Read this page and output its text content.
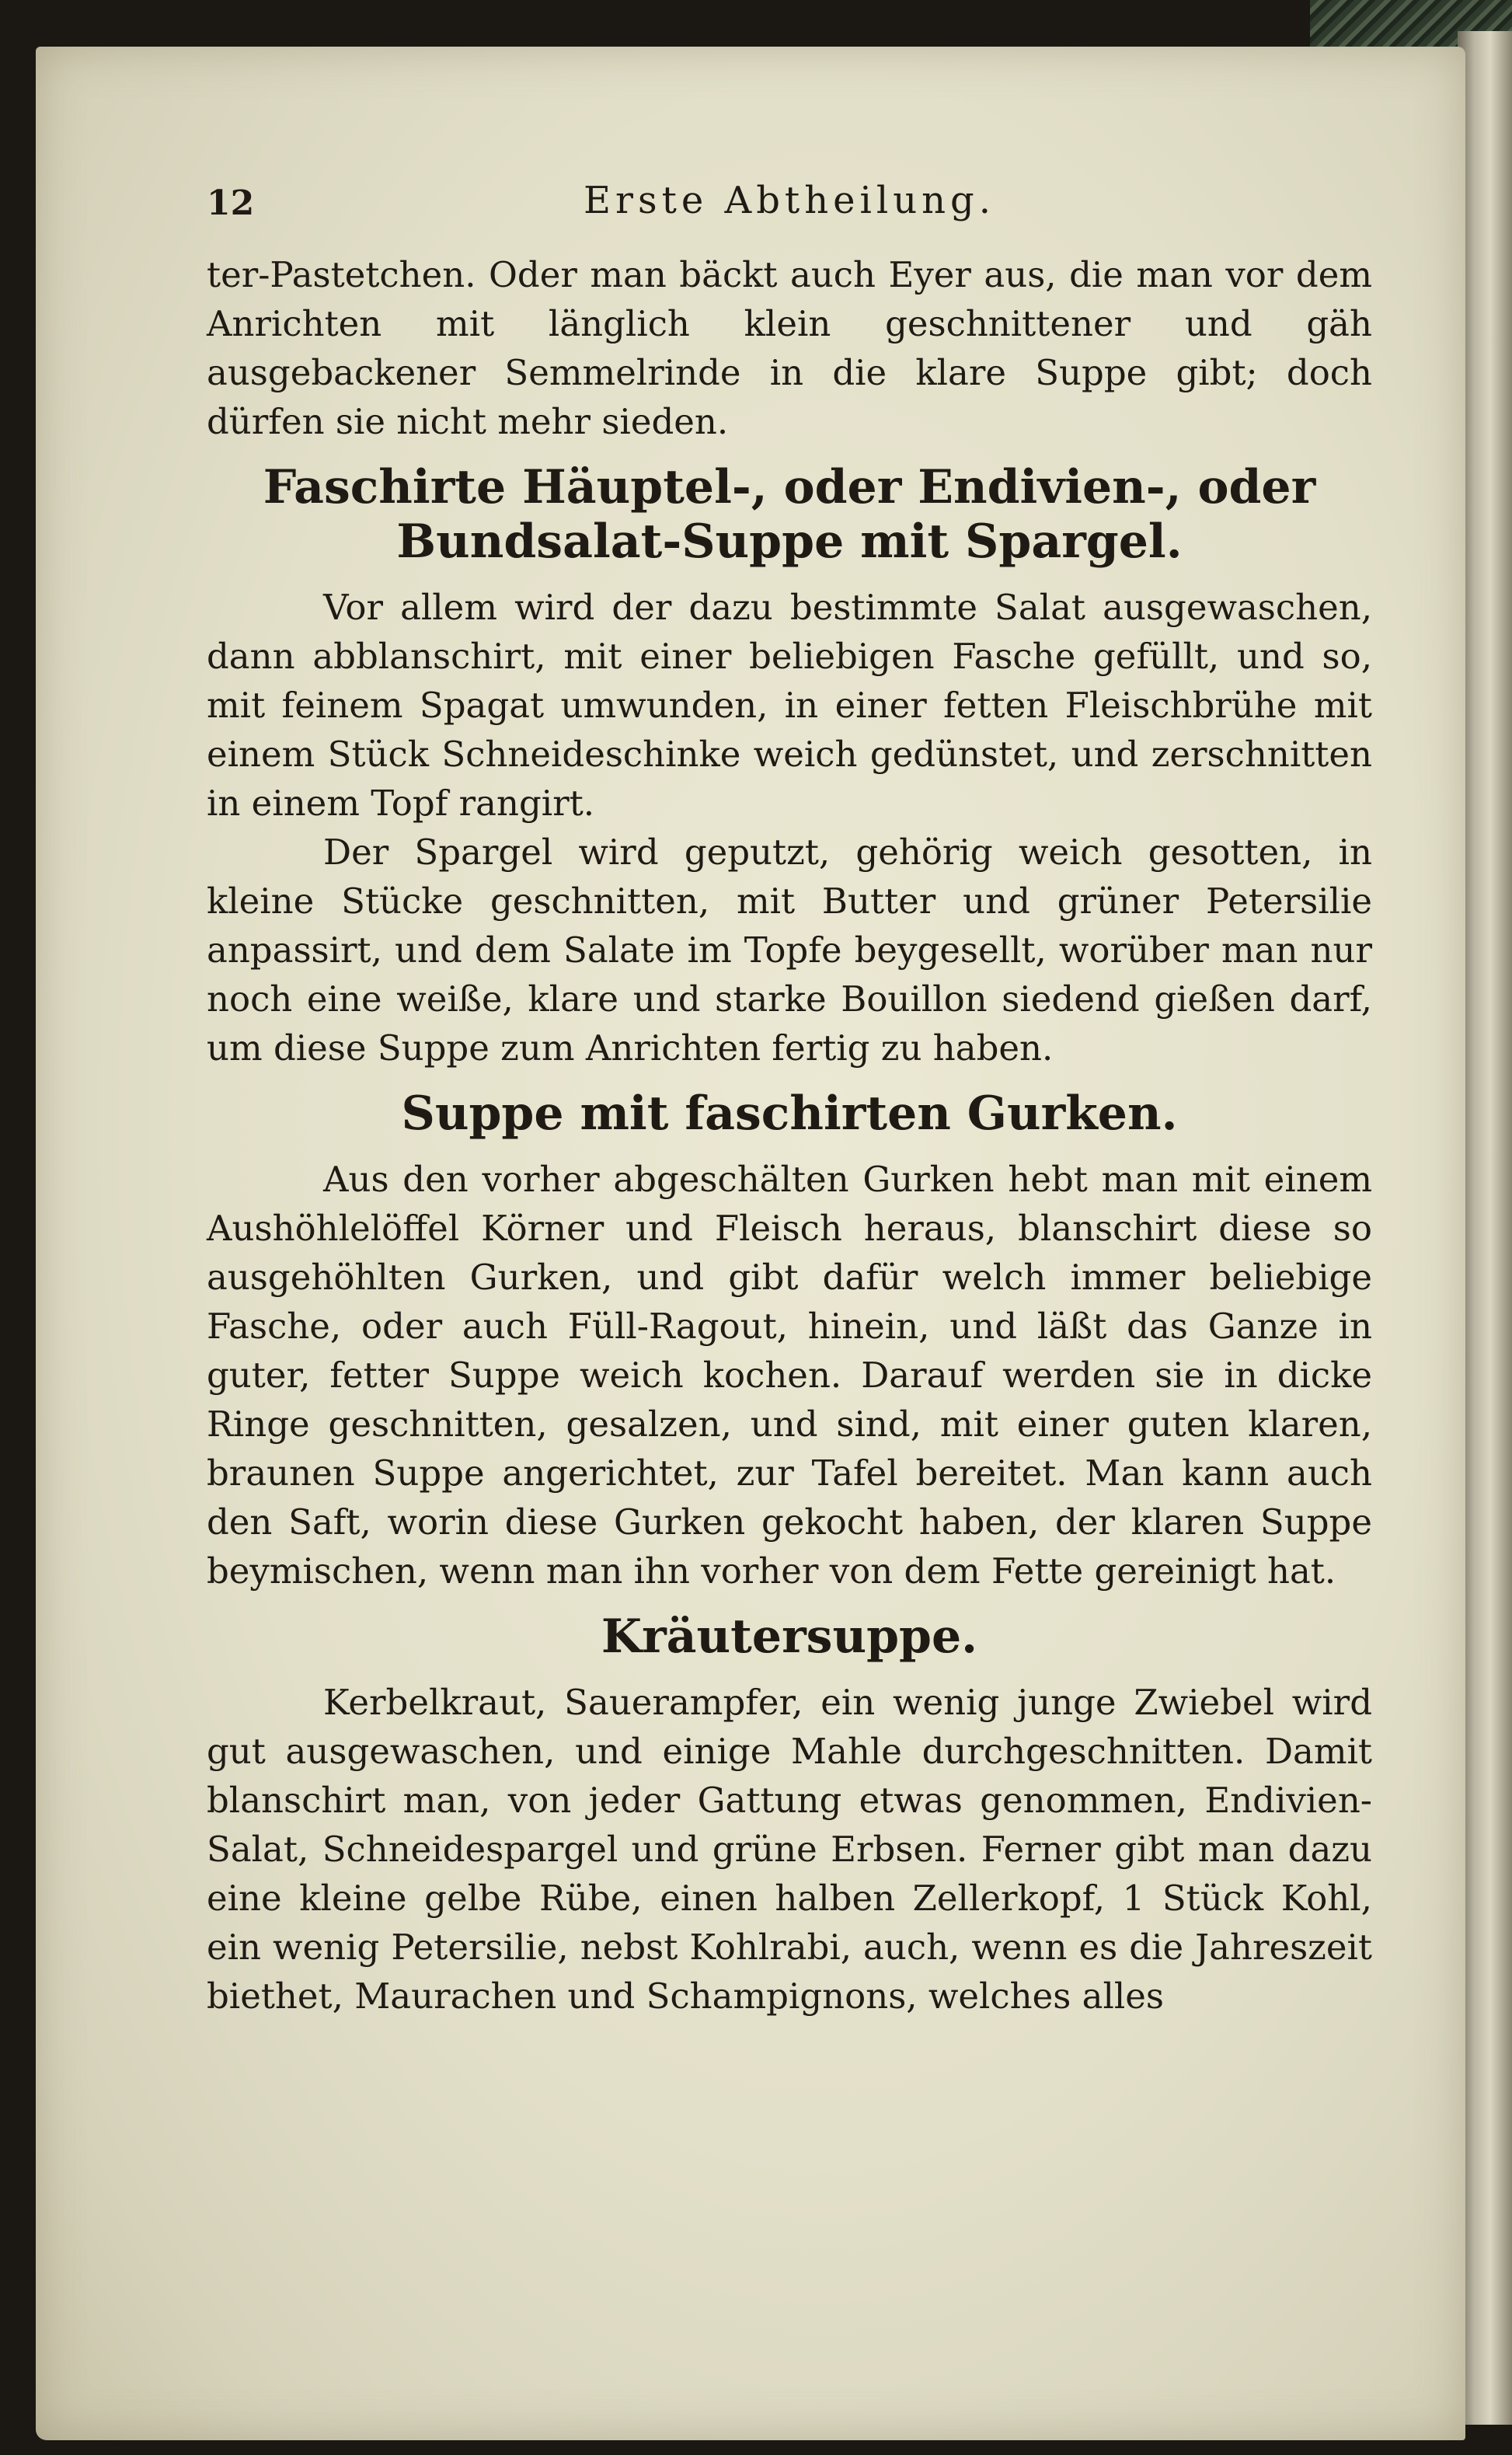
12	Erste Abtheilung.

ter-Pastetchen. Oder man bäckt auch Eyer aus, die man vor dem Anrichten mit länglich klein geschnittener und gäh ausgebackener Semmelrinde in die klare Suppe gibt; doch dürfen sie nicht mehr sieden.

Faschirte Häuptel-, oder Endivien-, oder Bundsalat-Suppe mit Spargel.

Vor allem wird der dazu bestimmte Salat ausgewaschen, dann abblanschirt, mit einer beliebigen Fasche gefüllt, und so, mit feinem Spagat umwunden, in einer fetten Fleischbrühe mit einem Stück Schneideschinke weich gedünstet, und zerschnitten in einem Topf rangirt.

Der Spargel wird geputzt, gehörig weich gesotten, in kleine Stücke geschnitten, mit Butter und grüner Petersilie anpassirt, und dem Salate im Topfe beygesellt, worüber man nur noch eine weiße, klare und starke Bouillon siedend gießen darf, um diese Suppe zum Anrichten fertig zu haben.

Suppe mit faschirten Gurken.

Aus den vorher abgeschälten Gurken hebt man mit einem Aushöhlelöffel Körner und Fleisch heraus, blanschirt diese so ausgehöhlten Gurken, und gibt dafür welch immer beliebige Fasche, oder auch Füll-Ragout, hinein, und läßt das Ganze in guter, fetter Suppe weich kochen. Darauf werden sie in dicke Ringe geschnitten, gesalzen, und sind, mit einer guten klaren, braunen Suppe angerichtet, zur Tafel bereitet. Man kann auch den Saft, worin diese Gurken gekocht haben, der klaren Suppe beymischen, wenn man ihn vorher von dem Fette gereinigt hat.

Kräutersuppe.

Kerbelkraut, Sauerampfer, ein wenig junge Zwiebel wird gut ausgewaschen, und einige Mahle durchgeschnitten. Damit blanschirt man, von jeder Gattung etwas genommen, Endivien-Salat, Schneidespargel und grüne Erbsen. Ferner gibt man dazu eine kleine gelbe Rübe, einen halben Zellerkopf, 1 Stück Kohl, ein wenig Petersilie, nebst Kohlrabi, auch, wenn es die Jahreszeit biethet, Maurachen und Schampignons, welches alles
